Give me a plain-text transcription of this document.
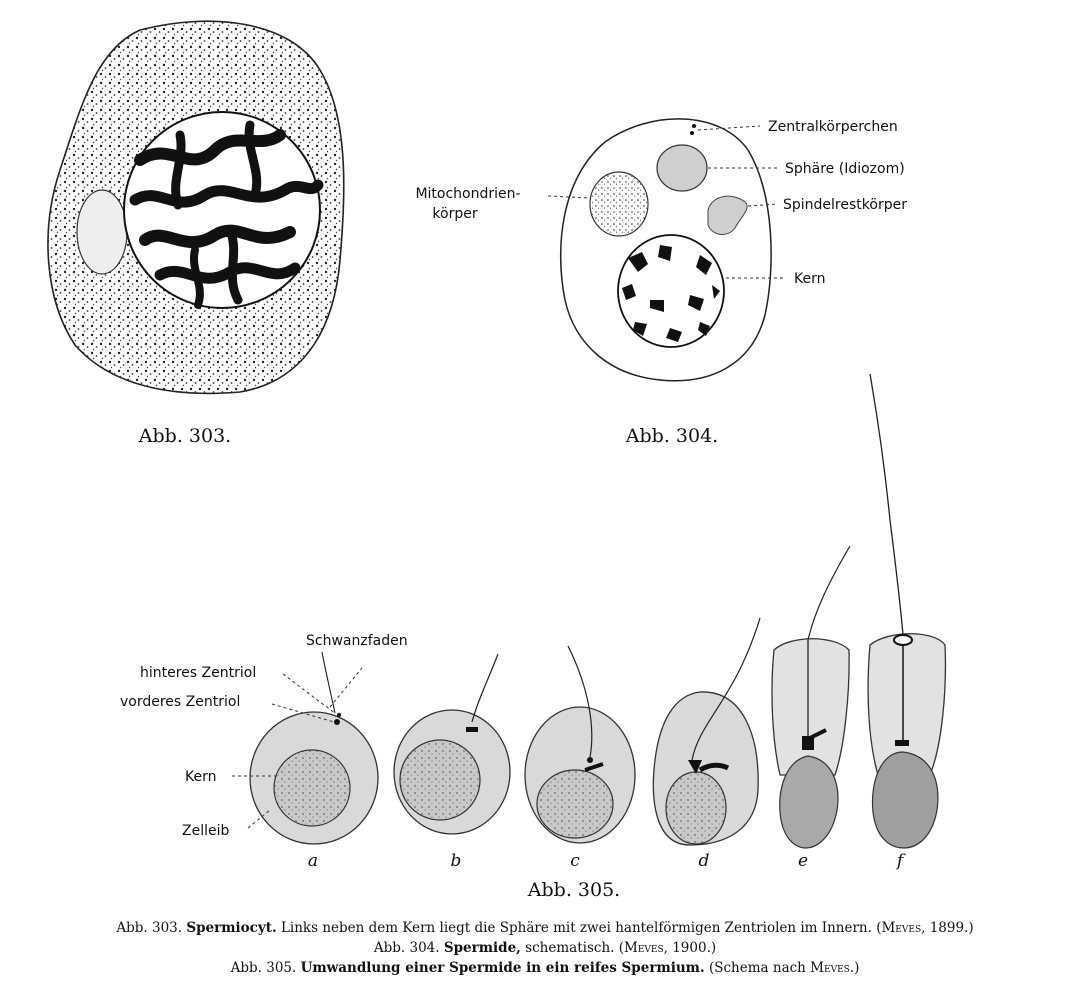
Abb. 303.
Zentralkörperchen
Sphäre (Idiozom)
Mitochondrien-
körper
Spindelrestkörper
Kern
Abb. 304.
Schwanzfaden
hinteres Zentriol
vorderes Zentriol
Kern
Zelleib
a	b	c	d	e	f
Abb. 305.
Abb. 303. Spermiocyt. Links neben dem Kern liegt die Sphäre mit zwei hantelförmigen Zentriolen im Innern. (Meves, 1899.)
Abb. 304. Spermide, schematisch. (Meves, 1900.)
Abb. 305. Umwandlung einer Spermide in ein reifes Spermium. (Schema nach Meves.)
